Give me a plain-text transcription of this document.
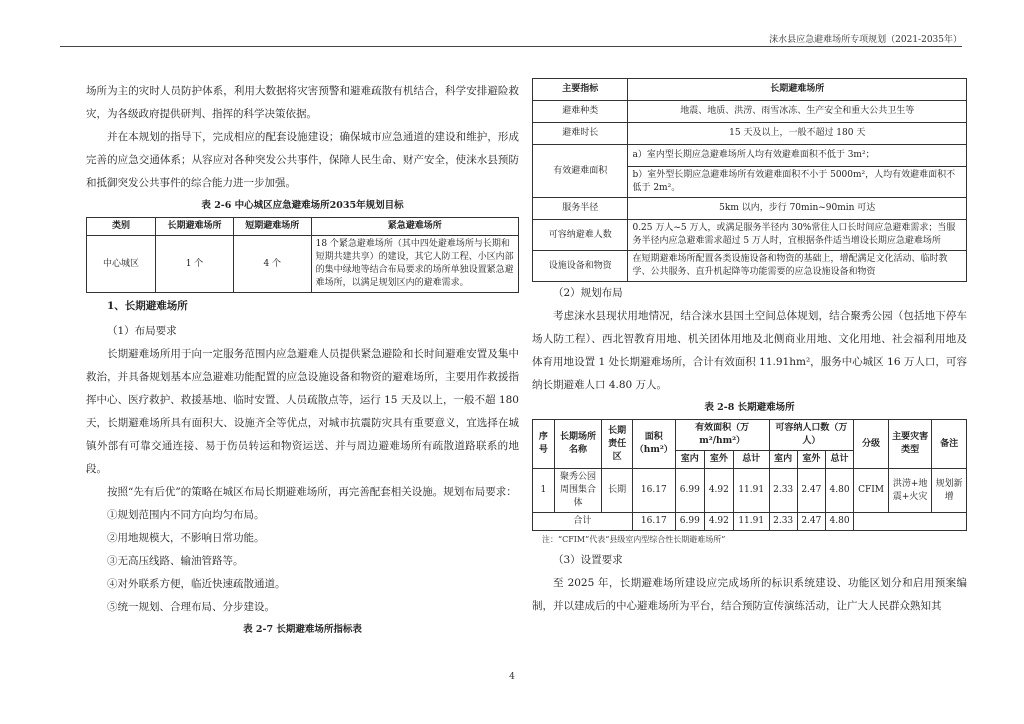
涞水县应急避难场所专项规划（2021-2035年）

场所为主的灾时人员防护体系，利用大数据将灾害预警和避难疏散有机结合，科学安排避险救灾，为各级政府提供研判、指挥的科学决策依据。

并在本规划的指导下，完成相应的配套设施建设；确保城市应急通道的建设和维护，形成完善的应急交通体系；从容应对各种突发公共事件，保障人民生命、财产安全，使涞水县预防和抵御突发公共事件的综合能力进一步加强。

表 2-6 中心城区应急避难场所2035年规划目标
类别	长期避难场所	短期避难场所	紧急避难场所
中心城区	1 个	4 个	18 个紧急避难场所（其中四处避难场所与长期和短期共建共享）的建设，其它人防工程、小区内部的集中绿地等结合布局要求的场所单独设置紧急避难场所，以满足规划区内的避难需求。
1、长期避难场所
（1）布局要求

长期避难场所用于向一定服务范围内应急避难人员提供紧急避险和长时间避难安置及集中救治，并具备规划基本应急避难功能配置的应急设施设备和物资的避难场所，主要用作救援指挥中心、医疗救护、救援基地、临时安置、人员疏散点等，运行 15 天及以上，一般不超 180 天，长期避难场所具有面积大、设施齐全等优点，对城市抗震防灾具有重要意义，宜选择在城镇外部有可靠交通连接、易于伤员转运和物资运送、并与周边避难场所有疏散道路联系的地段。

按照“先有后优”的策略在城区布局长期避难场所，再完善配套相关设施。规划布局要求：

①规划范围内不同方向均匀布局。
②用地规模大，不影响日常功能。
③无高压线路、输油管路等。
④对外联系方便，临近快速疏散通道。
⑤统一规划、合理布局、分步建设。
表 2-7 长期避难场所指标表
主要指标	长期避难场所
避难种类	地震、地质、洪涝、雨雪冰冻、生产安全和重大公共卫生等
避难时长	15 天及以上，一般不超过 180 天
有效避难面积	a）室内型长期应急避难场所人均有效避难面积不低于 3m²；
	b）室外型长期应急避难场所有效避难面积不小于 5000m²，人均有效避难面积不低于 2m²。
服务半径	5km 以内，步行 70min~90min 可达
可容纳避难人数	0.25 万人~5 万人，或满足服务半径内 30%常住人口长时间应急避难需求；当服务半径内应急避难需求超过 5 万人时，宜根据条件适当增设长期应急避难场所
设施设备和物资	在短期避难场所配置各类设施设备和物资的基础上，增配满足文化活动、临时教学、公共服务、直升机起降等功能需要的应急设施设备和物资
（2）规划布局

考虑涞水县现状用地情况，结合涞水县国土空间总体规划，结合聚秀公园（包括地下停车场人防工程）、西北智教育用地、机关团体用地及北侧商业用地、文化用地、社会福利用地及体育用地设置 1 处长期避难场所，合计有效面积 11.91hm²，服务中心城区 16 万人口，可容纳长期避难人口 4.80 万人。

表 2-8 长期避难场所
序号	长期场所名称	长期责任区	面积（hm²）	有效面积（万 m²/hm²）			可容纳人口数（万人）			分级	主要灾害类型	备注
				室内	室外	总计	室内	室外	总计			
1	聚秀公园周围集合体	长期	16.17	6.99	4.92	11.91	2.33	2.47	4.80	CFIM	洪涝+地震+火灾	规划新增
合计			16.17	6.99	4.92	11.91	2.33	2.47	4.80			
注：“CFIM”代表“县级室内型综合性长期避难场所”
（3）设置要求

至 2025 年，长期避难场所建设应完成场所的标识系统建设、功能区划分和启用预案编制，并以建成后的中心避难场所为平台，结合预防宣传演练活动，让广大人民群众熟知其

4
